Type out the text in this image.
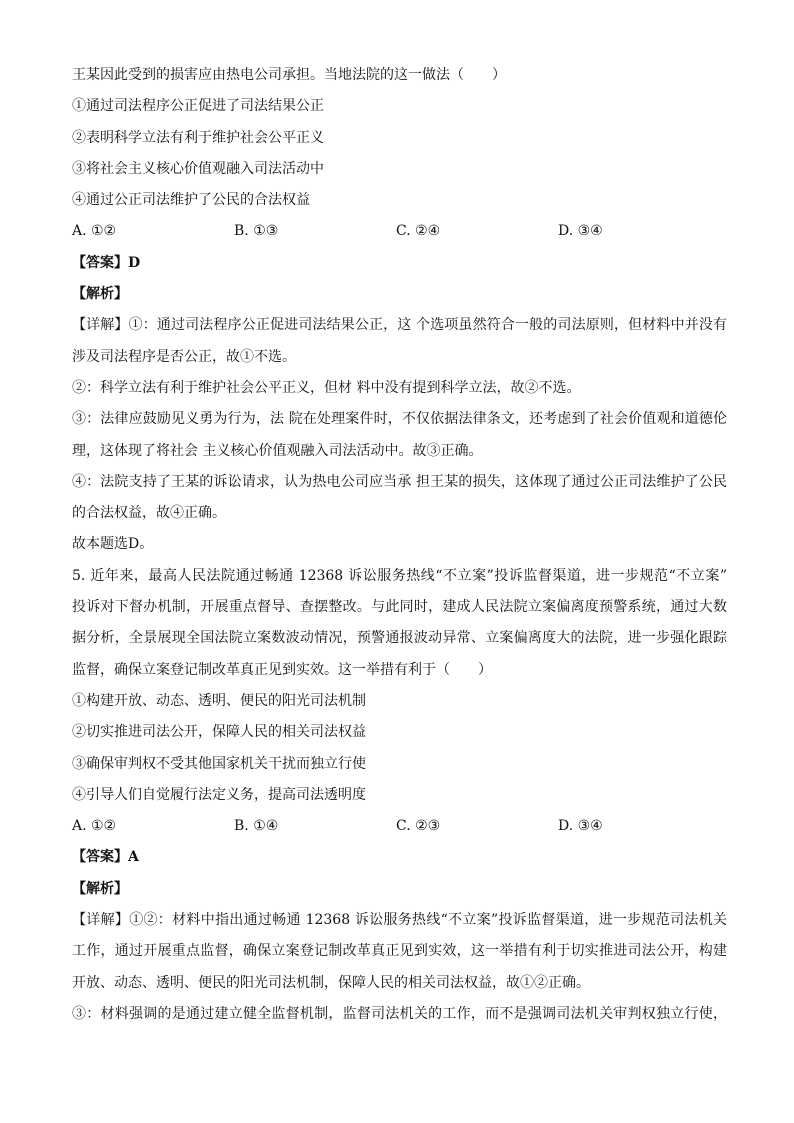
王某因此受到的损害应由热电公司承担。当地法院的这一做法（　　）
①通过司法程序公正促进了司法结果公正
②表明科学立法有利于维护社会公平正义
③将社会主义核心价值观融入司法活动中
④通过公正司法维护了公民的合法权益
A. ①②	B. ①③	C. ②④	D. ③④
【答案】D
【解析】
【详解】①：通过司法程序公正促进司法结果公正，这 个选项虽然符合一般的司法原则，但材料中并没有
涉及司法程序是否公正，故①不选。
②：科学立法有利于维护社会公平正义，但材 料中没有提到科学立法，故②不选。
③：法律应鼓励见义勇为行为，法 院在处理案件时，不仅依据法律条文，还考虑到了社会价值观和道德伦
理，这体现了将社会 主义核心价值观融入司法活动中。故③正确。
④：法院支持了王某的诉讼请求，认为热电公司应当承 担王某的损失，这体现了通过公正司法维护了公民
的合法权益，故④正确。
故本题选D。
5. 近年来，最高人民法院通过畅通 12368 诉讼服务热线“不立案”投诉监督渠道，进一步规范“不立案”
投诉对下督办机制，开展重点督导、查摆整改。与此同时，建成人民法院立案偏离度预警系统，通过大数
据分析，全景展现全国法院立案数波动情况，预警通报波动异常、立案偏离度大的法院，进一步强化跟踪
监督，确保立案登记制改革真正见到实效。这一举措有利于（　　）
①构建开放、动态、透明、便民的阳光司法机制
②切实推进司法公开，保障人民的相关司法权益
③确保审判权不受其他国家机关干扰而独立行使
④引导人们自觉履行法定义务，提高司法透明度
A. ①②	B. ①④	C. ②③	D. ③④
【答案】A
【解析】
【详解】①②：材料中指出通过畅通 12368 诉讼服务热线“不立案”投诉监督渠道，进一步规范司法机关
工作，通过开展重点监督，确保立案登记制改革真正见到实效，这一举措有利于切实推进司法公开，构建
开放、动态、透明、便民的阳光司法机制，保障人民的相关司法权益，故①②正确。
③：材料强调的是通过建立健全监督机制，监督司法机关的工作，而不是强调司法机关审判权独立行使，
